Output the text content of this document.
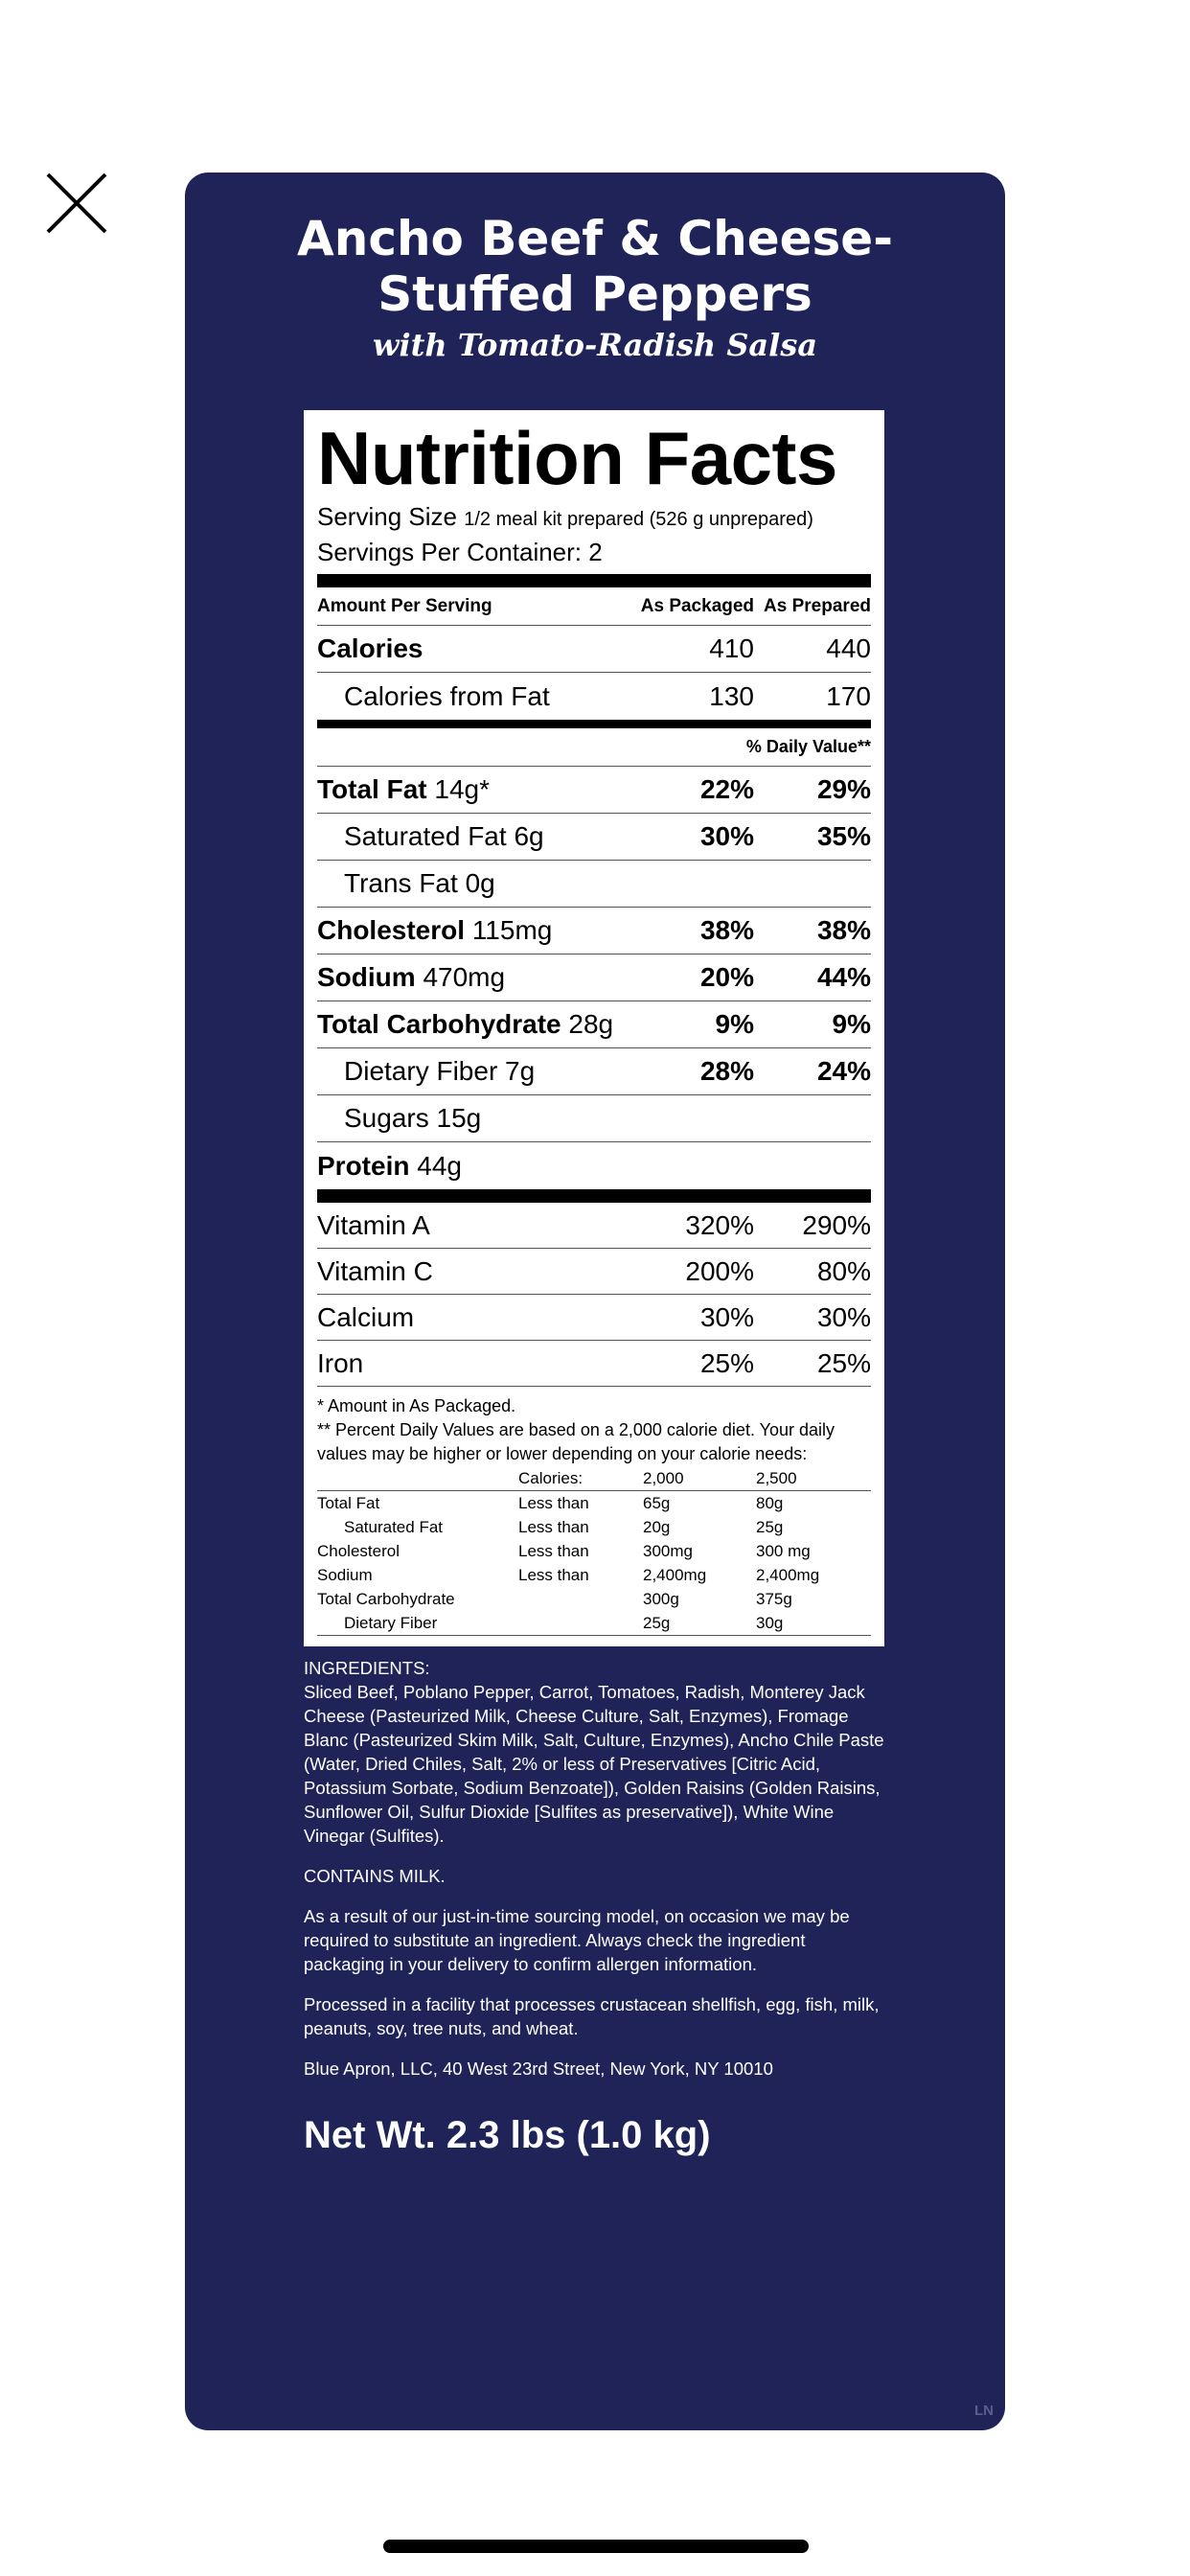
Ancho Beef & Cheese-Stuffed Peppers
with Tomato-Radish Salsa
Nutrition Facts
Serving Size 1/2 meal kit prepared (526 g unprepared)
Servings Per Container: 2
Amount Per Serving	As Packaged As Prepared
Calories	410	440
Calories from Fat	130	170
% Daily Value**
Total Fat 14g*	22%	29%
Saturated Fat 6g	30%	35%
Trans Fat 0g
Cholesterol 115mg	38%	38%
Sodium 470mg	20%	44%
Total Carbohydrate 28g	9%	9%
Dietary Fiber 7g	28%	24%
Sugars 15g
Protein 44g
Vitamin A	320%	290%
Vitamin C	200%	80%
Calcium	30%	30%
Iron	25%	25%
* Amount in As Packaged.
** Percent Daily Values are based on a 2,000 calorie diet. Your daily values may be higher or lower depending on your calorie needs:
	Calories:	2,000	2,500
Total Fat	Less than	65g	80g
Saturated Fat	Less than	20g	25g
Cholesterol	Less than	300mg	300 mg
Sodium	Less than	2,400mg	2,400mg
Total Carbohydrate		300g	375g
Dietary Fiber		25g	30g

INGREDIENTS:
Sliced Beef, Poblano Pepper, Carrot, Tomatoes, Radish, Monterey Jack Cheese (Pasteurized Milk, Cheese Culture, Salt, Enzymes), Fromage Blanc (Pasteurized Skim Milk, Salt, Culture, Enzymes), Ancho Chile Paste (Water, Dried Chiles, Salt, 2% or less of Preservatives [Citric Acid, Potassium Sorbate, Sodium Benzoate]), Golden Raisins (Golden Raisins, Sunflower Oil, Sulfur Dioxide [Sulfites as preservative]), White Wine Vinegar (Sulfites).

CONTAINS MILK.

As a result of our just-in-time sourcing model, on occasion we may be required to substitute an ingredient. Always check the ingredient packaging in your delivery to confirm allergen information.

Processed in a facility that processes crustacean shellfish, egg, fish, milk, peanuts, soy, tree nuts, and wheat.

Blue Apron, LLC, 40 West 23rd Street, New York, NY 10010

Net Wt. 2.3 lbs (1.0 kg)
LN
